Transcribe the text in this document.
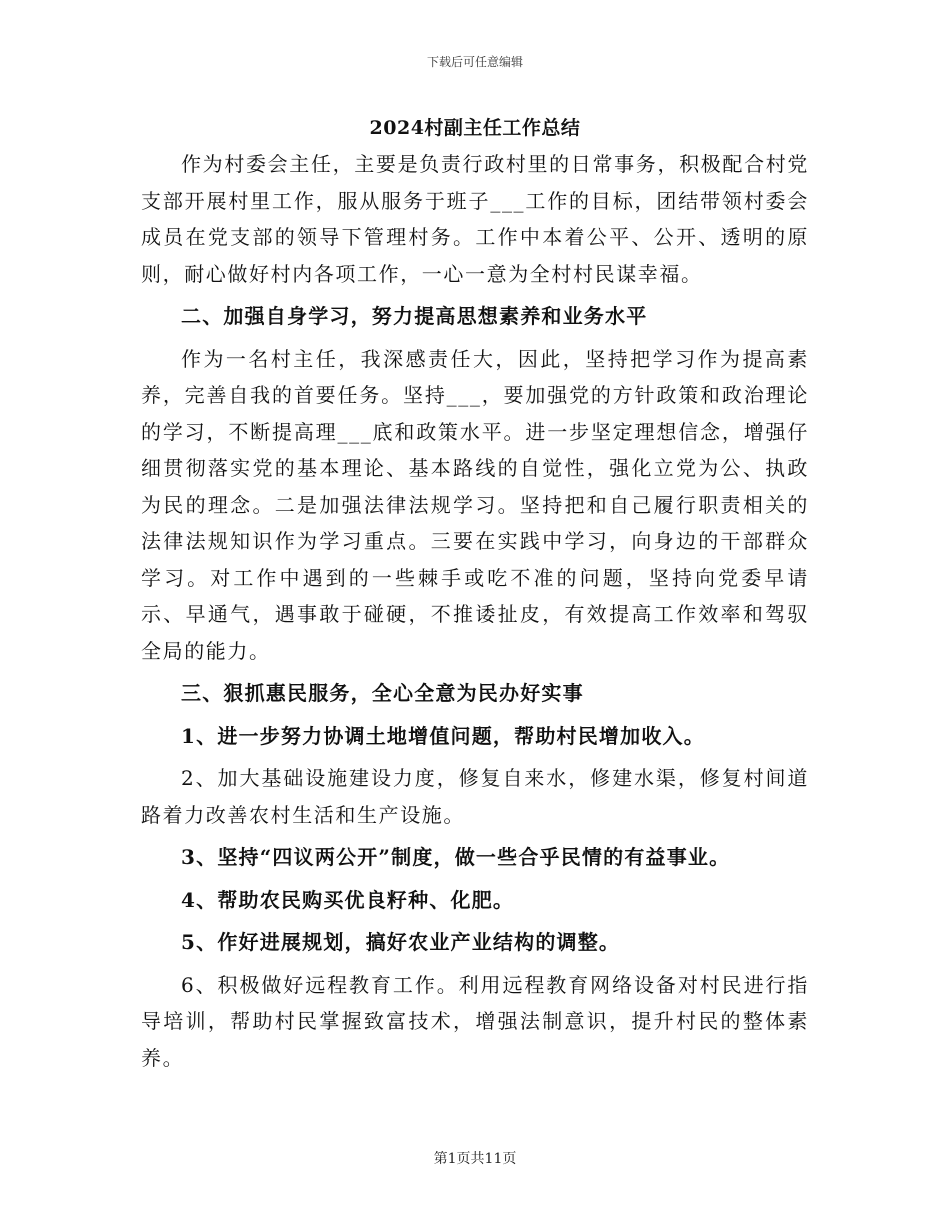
下载后可任意编辑
2024村副主任工作总结

作为村委会主任，主要是负责行政村里的日常事务，积极配合村党支部开展村里工作，服从服务于班子___工作的目标，团结带领村委会成员在党支部的领导下管理村务。工作中本着公平、公开、透明的原则，耐心做好村内各项工作，一心一意为全村村民谋幸福。

二、加强自身学习，努力提高思想素养和业务水平

作为一名村主任，我深感责任大，因此，坚持把学习作为提高素养，完善自我的首要任务。坚持___，要加强党的方针政策和政治理论的学习，不断提高理___底和政策水平。进一步坚定理想信念，增强仔细贯彻落实党的基本理论、基本路线的自觉性，强化立党为公、执政为民的理念。二是加强法律法规学习。坚持把和自己履行职责相关的法律法规知识作为学习重点。三要在实践中学习，向身边的干部群众学习。对工作中遇到的一些棘手或吃不准的问题，坚持向党委早请示、早通气，遇事敢于碰硬，不推诿扯皮，有效提高工作效率和驾驭全局的能力。

三、狠抓惠民服务，全心全意为民办好实事

1、进一步努力协调土地增值问题，帮助村民增加收入。

2、加大基础设施建设力度，修复自来水，修建水渠，修复村间道路着力改善农村生活和生产设施。

3、坚持“四议两公开”制度，做一些合乎民情的有益事业。

4、帮助农民购买优良籽种、化肥。

5、作好进展规划，搞好农业产业结构的调整。

6、积极做好远程教育工作。利用远程教育网络设备对村民进行指导培训，帮助村民掌握致富技术，增强法制意识，提升村民的整体素养。

第1页共11页
